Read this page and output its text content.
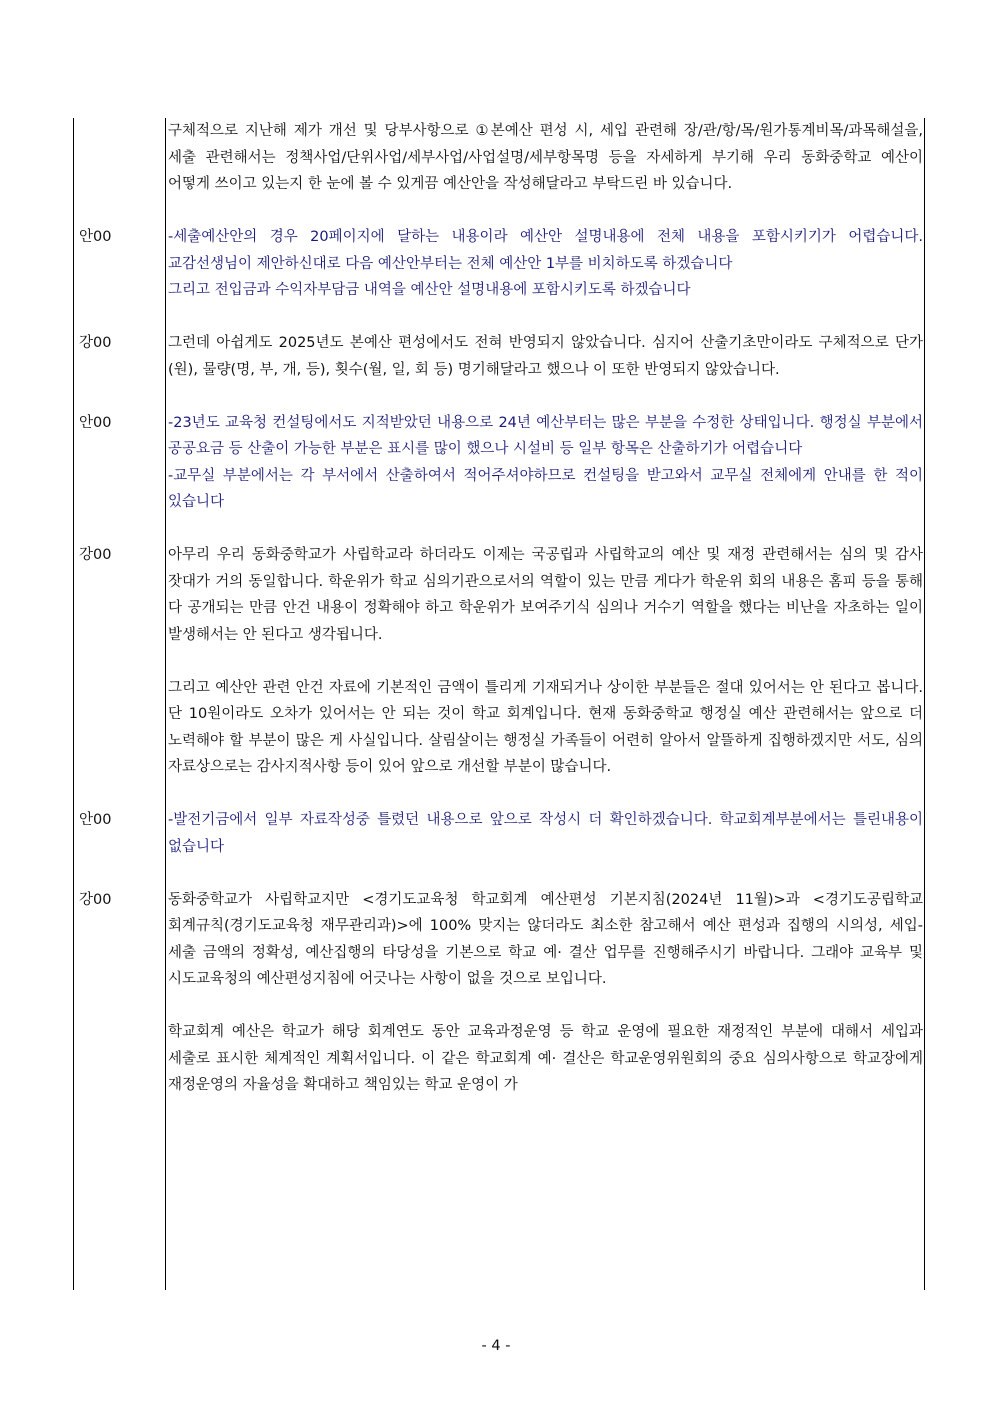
구체적으로 지난해 제가 개선 및 당부사항으로 ①본예산 편성 시, 세입 관련해 장/관/항/목/원가통계비목/과목해설을, 세출 관련해서는 정책사업/단위사업/세부사업/사업설명/세부항목명 등을 자세하게 부기해 우리 동화중학교 예산이 어떻게 쓰이고 있는지 한 눈에 볼 수 있게끔 예산안을 작성해달라고 부탁드린 바 있습니다.

안00	-세출예산안의 경우 20페이지에 달하는 내용이라 예산안 설명내용에 전체 내용을 포함시키기가 어렵습니다. 교감선생님이 제안하신대로 다음 예산안부터는 전체 예산안 1부를 비치하도록 하겠습니다

그리고 전입금과 수익자부담금 내역을 예산안 설명내용에 포함시키도록 하겠습니다

강00	그런데 아쉽게도 2025년도 본예산 편성에서도 전혀 반영되지 않았습니다. 심지어 산출기초만이라도 구체적으로 단가(원), 물량(명, 부, 개, 등), 횟수(월, 일, 회 등) 명기해달라고 했으나 이 또한 반영되지 않았습니다.

안00	-23년도 교육청 컨설팅에서도 지적받았던 내용으로 24년 예산부터는 많은 부분을 수정한 상태입니다. 행정실 부분에서 공공요금 등 산출이 가능한 부분은 표시를 많이 했으나 시설비 등 일부 항목은 산출하기가 어렵습니다

-교무실 부분에서는 각 부서에서 산출하여서 적어주셔야하므로 컨설팅을 받고와서 교무실 전체에게 안내를 한 적이 있습니다

강00	아무리 우리 동화중학교가 사립학교라 하더라도 이제는 국공립과 사립학교의 예산 및 재정 관련해서는 심의 및 감사 잣대가 거의 동일합니다. 학운위가 학교 심의기관으로서의 역할이 있는 만큼 게다가 학운위 회의 내용은 홈피 등을 통해 다 공개되는 만큼 안건 내용이 정확해야 하고 학운위가 보여주기식 심의나 거수기 역할을 했다는 비난을 자초하는 일이 발생해서는 안 된다고 생각됩니다.

그리고 예산안 관련 안건 자료에 기본적인 금액이 틀리게 기재되거나 상이한 부분들은 절대 있어서는 안 된다고 봅니다. 단 10원이라도 오차가 있어서는 안 되는 것이 학교 회계입니다. 현재 동화중학교 행정실 예산 관련해서는 앞으로 더 노력해야 할 부분이 많은 게 사실입니다. 살림살이는 행정실 가족들이 어련히 알아서 알뜰하게 집행하겠지만 서도, 심의 자료상으로는 감사지적사항 등이 있어 앞으로 개선할 부분이 많습니다.

안00	-발전기금에서 일부 자료작성중 틀렸던 내용으로 앞으로 작성시 더 확인하겠습니다. 학교회계부분에서는 틀린내용이 없습니다

강00	동화중학교가 사립학교지만 <경기도교육청 학교회계 예산편성 기본지침(2024년 11월)>과 <경기도공립학교 회계규칙(경기도교육청 재무관리과)>에 100% 맞지는 않더라도 최소한 참고해서 예산 편성과 집행의 시의성, 세입-세출 금액의 정확성, 예산집행의 타당성을 기본으로 학교 예· 결산 업무를 진행해주시기 바랍니다. 그래야 교육부 및 시도교육청의 예산편성지침에 어긋나는 사항이 없을 것으로 보입니다.

학교회계 예산은 학교가 해당 회계연도 동안 교육과정운영 등 학교 운영에 필요한 재정적인 부분에 대해서 세입과 세출로 표시한 체계적인 계획서입니다. 이 같은 학교회계 예· 결산은 학교운영위원회의 중요 심의사항으로 학교장에게 재정운영의 자율성을 확대하고 책임있는 학교 운영이 가

- 4 -
